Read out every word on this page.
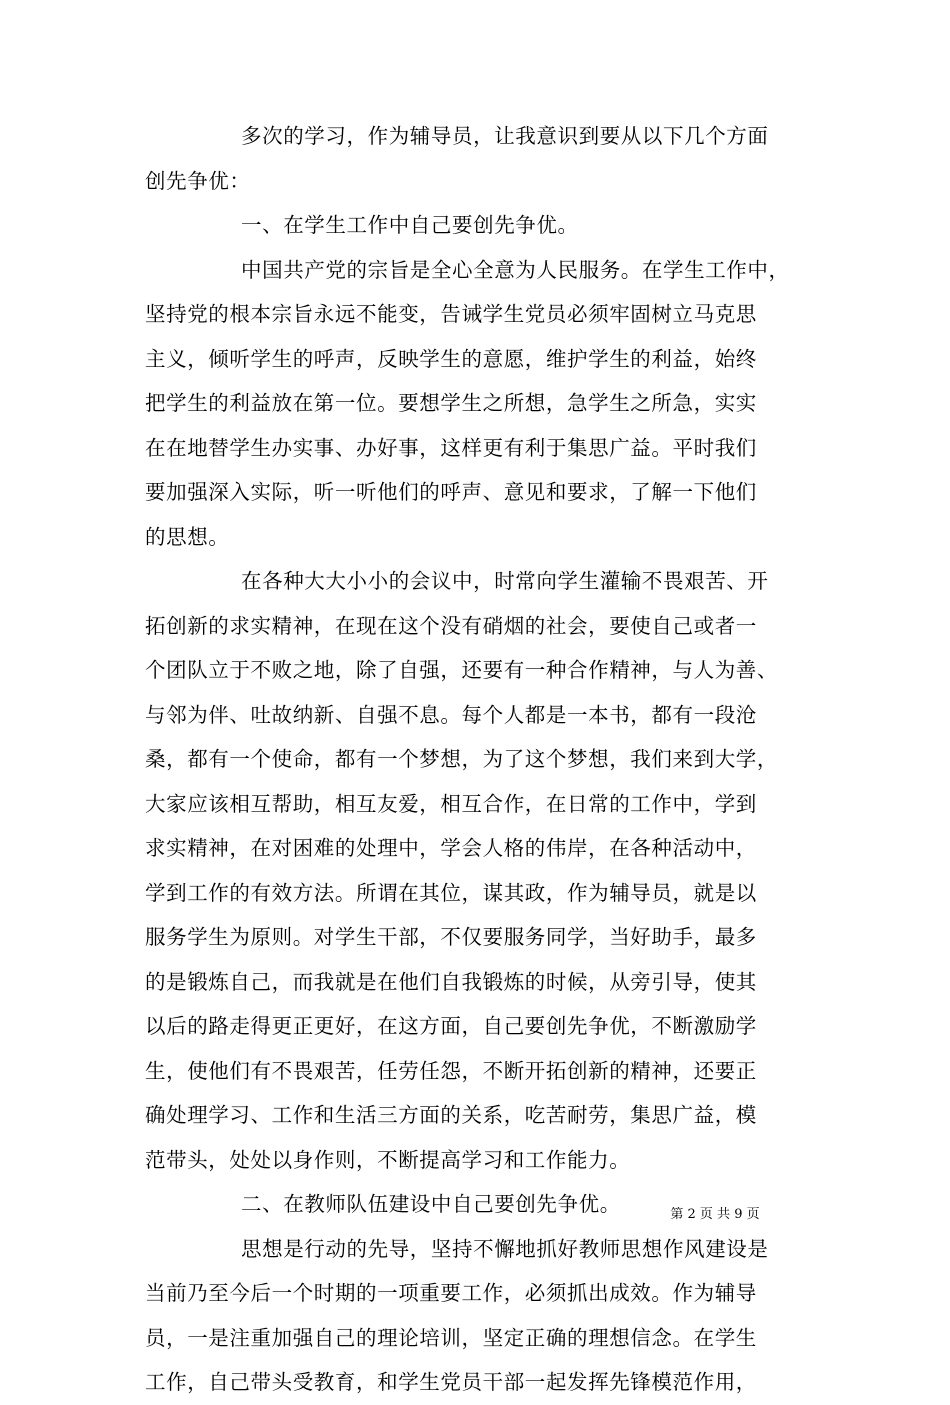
多次的学习，作为辅导员，让我意识到要从以下几个方面
创先争优：
一、在学生工作中自己要创先争优。
中国共产党的宗旨是全心全意为人民服务。在学生工作中，
坚持党的根本宗旨永远不能变，告诫学生党员必须牢固树立马克思
主义，倾听学生的呼声，反映学生的意愿，维护学生的利益，始终
把学生的利益放在第一位。要想学生之所想，急学生之所急，实实
在在地替学生办实事、办好事，这样更有利于集思广益。平时我们
要加强深入实际，听一听他们的呼声、意见和要求，了解一下他们
的思想。
在各种大大小小的会议中，时常向学生灌输不畏艰苦、开
拓创新的求实精神，在现在这个没有硝烟的社会，要使自己或者一
个团队立于不败之地，除了自强，还要有一种合作精神，与人为善、
与邻为伴、吐故纳新、自强不息。每个人都是一本书，都有一段沧
桑，都有一个使命，都有一个梦想，为了这个梦想，我们来到大学，
大家应该相互帮助，相互友爱，相互合作，在日常的工作中，学到
求实精神，在对困难的处理中，学会人格的伟岸，在各种活动中，
学到工作的有效方法。所谓在其位，谋其政，作为辅导员，就是以
服务学生为原则。对学生干部，不仅要服务同学，当好助手，最多
的是锻炼自己，而我就是在他们自我锻炼的时候，从旁引导，使其
以后的路走得更正更好，在这方面，自己要创先争优，不断激励学
生，使他们有不畏艰苦，任劳任怨，不断开拓创新的精神，还要正
确处理学习、工作和生活三方面的关系，吃苦耐劳，集思广益，模
范带头，处处以身作则，不断提高学习和工作能力。
二、在教师队伍建设中自己要创先争优。
思想是行动的先导，坚持不懈地抓好教师思想作风建设是
当前乃至今后一个时期的一项重要工作，必须抓出成效。作为辅导
员，一是注重加强自己的理论培训，坚定正确的理想信念。在学生
工作，自己带头受教育，和学生党员干部一起发挥先锋模范作用，
第 2 页 共 9 页
